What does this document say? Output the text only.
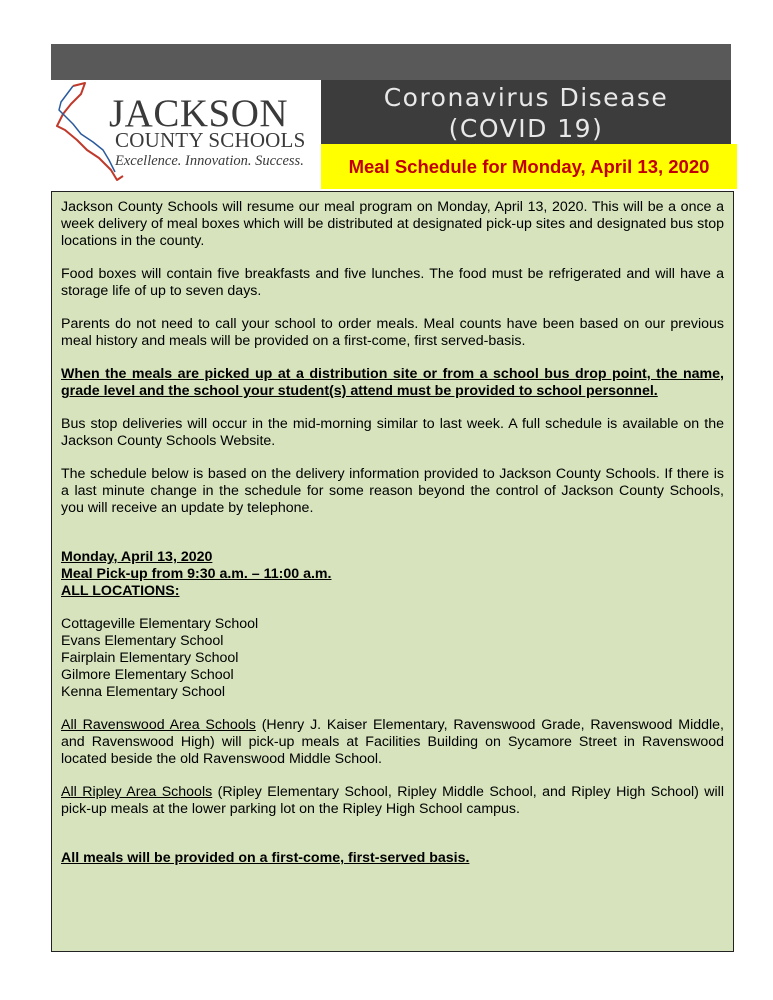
JACKSON
COUNTY SCHOOLS
Excellence. Innovation. Success.
Coronavirus Disease
(COVID 19)
Meal Schedule for Monday, April 13, 2020

Jackson County Schools will resume our meal program on Monday, April 13, 2020. This will be a once a week delivery of meal boxes which will be distributed at designated pick-up sites and designated bus stop locations in the county.

Food boxes will contain five breakfasts and five lunches. The food must be refrigerated and will have a storage life of up to seven days.

Parents do not need to call your school to order meals. Meal counts have been based on our previous meal history and meals will be provided on a first-come, first served-basis.

When the meals are picked up at a distribution site or from a school bus drop point, the name, grade level and the school your student(s) attend must be provided to school personnel.

Bus stop deliveries will occur in the mid-morning similar to last week. A full schedule is available on the Jackson County Schools Website.

The schedule below is based on the delivery information provided to Jackson County Schools. If there is a last minute change in the schedule for some reason beyond the control of Jackson County Schools, you will receive an update by telephone.

Monday, April 13, 2020
Meal Pick-up from 9:30 a.m. – 11:00 a.m.
ALL LOCATIONS:
Cottageville Elementary School
Evans Elementary School
Fairplain Elementary School
Gilmore Elementary School
Kenna Elementary School

All Ravenswood Area Schools (Henry J. Kaiser Elementary, Ravenswood Grade, Ravenswood Middle, and Ravenswood High) will pick-up meals at Facilities Building on Sycamore Street in Ravenswood located beside the old Ravenswood Middle School.

All Ripley Area Schools (Ripley Elementary School, Ripley Middle School, and Ripley High School) will pick-up meals at the lower parking lot on the Ripley High School campus.

All meals will be provided on a first-come, first-served basis.
